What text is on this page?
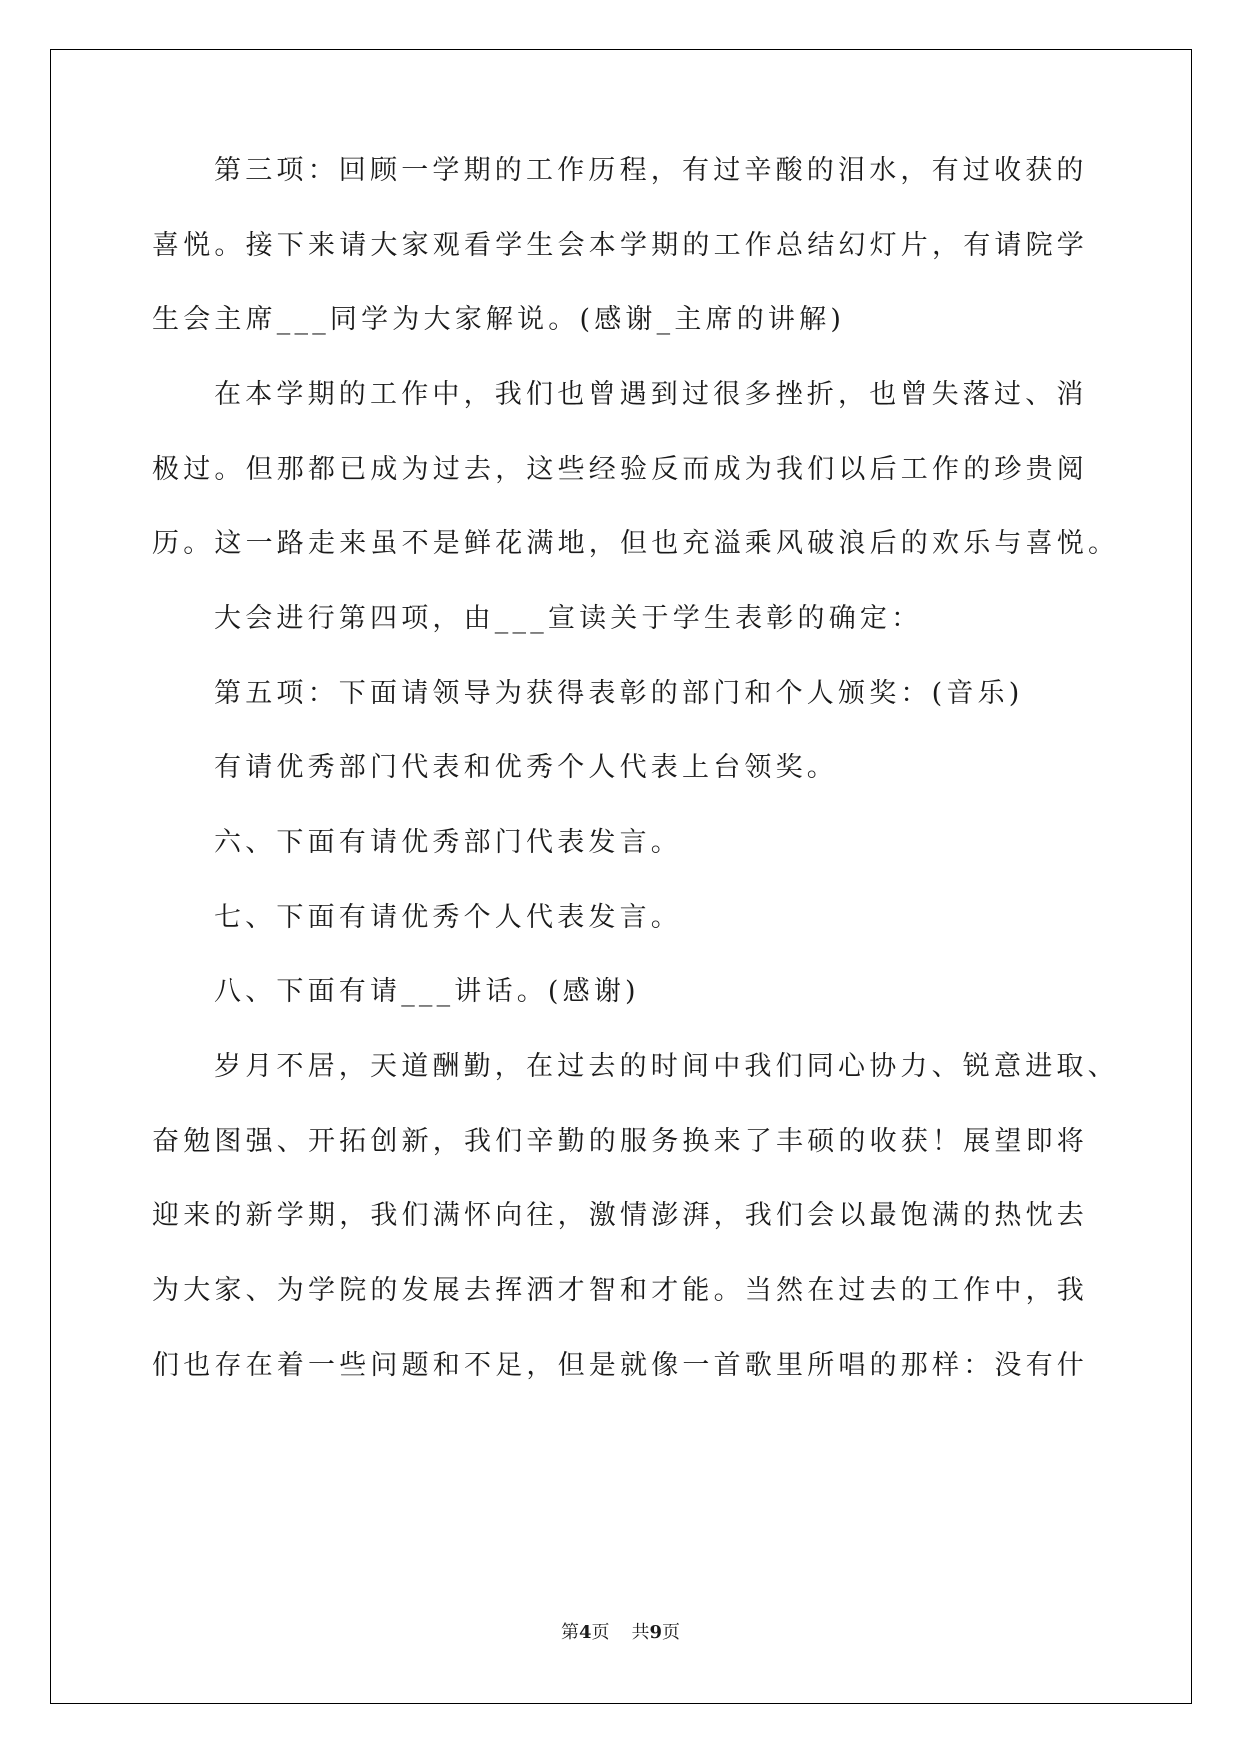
第三项：回顾一学期的工作历程，有过辛酸的泪水，有过收获的
喜悦。接下来请大家观看学生会本学期的工作总结幻灯片，有请院学
生会主席___同学为大家解说。(感谢_主席的讲解)
在本学期的工作中，我们也曾遇到过很多挫折，也曾失落过、消
极过。但那都已成为过去，这些经验反而成为我们以后工作的珍贵阅
历。这一路走来虽不是鲜花满地，但也充溢乘风破浪后的欢乐与喜悦。
大会进行第四项，由___宣读关于学生表彰的确定：
第五项：下面请领导为获得表彰的部门和个人颁奖：(音乐)
有请优秀部门代表和优秀个人代表上台领奖。
六、下面有请优秀部门代表发言。
七、下面有请优秀个人代表发言。
八、下面有请___讲话。(感谢)
岁月不居，天道酬勤，在过去的时间中我们同心协力、锐意进取、
奋勉图强、开拓创新，我们辛勤的服务换来了丰硕的收获！展望即将
迎来的新学期，我们满怀向往，激情澎湃，我们会以最饱满的热忱去
为大家、为学院的发展去挥洒才智和才能。当然在过去的工作中，我
们也存在着一些问题和不足，但是就像一首歌里所唱的那样：没有什
第4页 共9页
